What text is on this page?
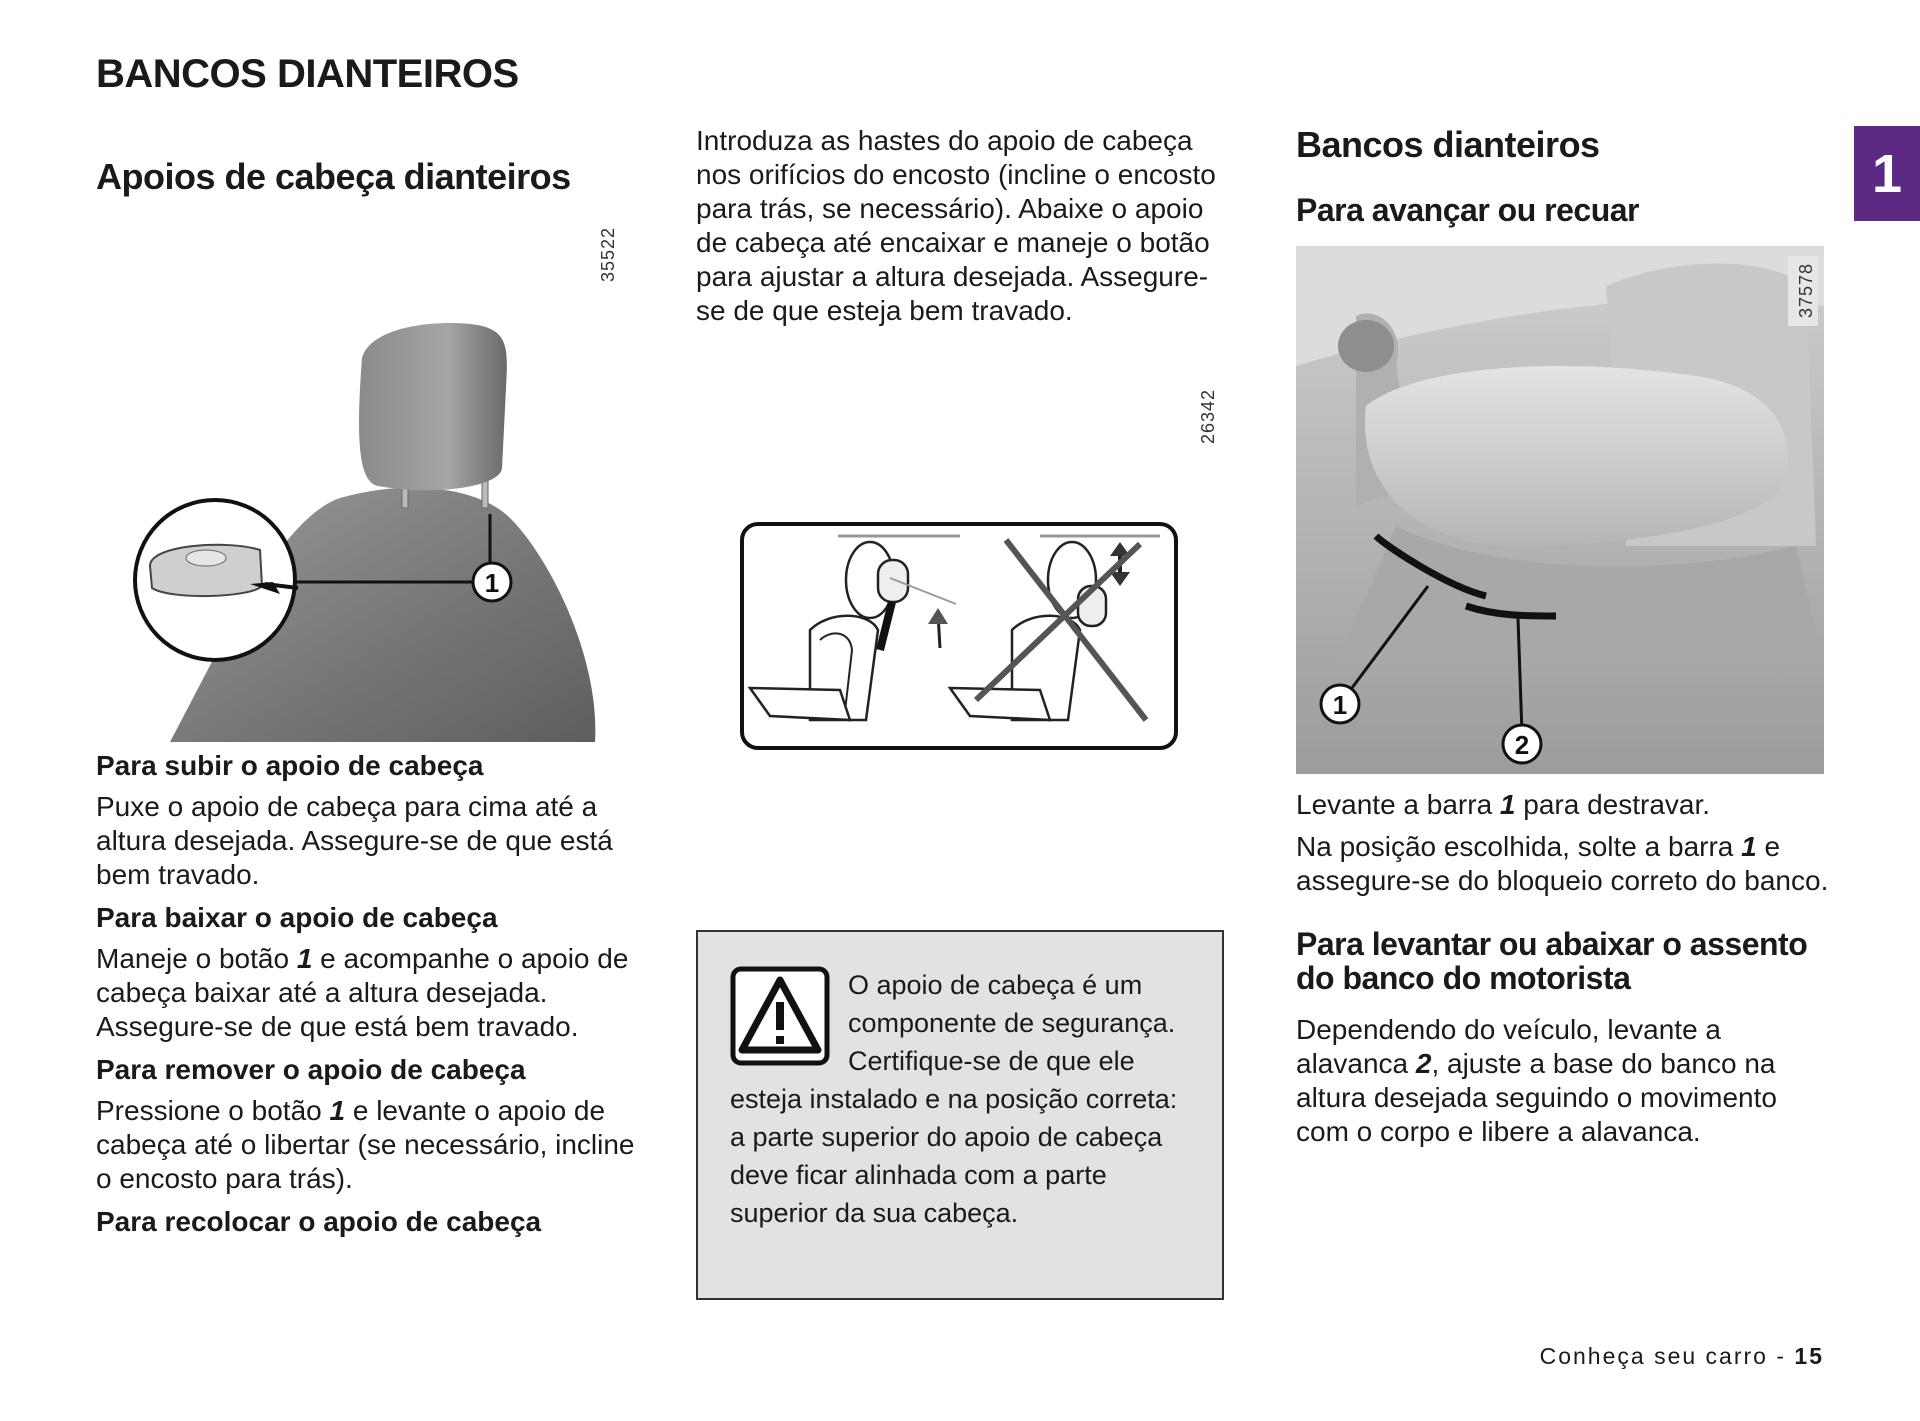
BANCOS DIANTEIROS
1
Apoios de cabeça dianteiros
35522
1
Para subir o apoio de cabeça
Puxe o apoio de cabeça para cima até a altura desejada. Assegure-se de que está bem travado.
Para baixar o apoio de cabeça
Maneje o botão 1 e acompanhe o apoio de cabeça baixar até a altura desejada. Assegure-se de que está bem travado.
Para remover o apoio de cabeça
Pressione o botão 1 e levante o apoio de cabeça até o libertar (se necessário, incline o encosto para trás).
Para recolocar o apoio de cabeça
Introduza as hastes do apoio de cabeça nos orifícios do encosto (incline o encosto para trás, se necessário). Abaixe o apoio de cabeça até encaixar e maneje o botão para ajustar a altura desejada. Assegure-se de que esteja bem travado.
26342
O apoio de cabeça é um componente de segurança. Certifique-se de que ele esteja instalado e na posição correta: a parte superior do apoio de cabeça deve ficar alinhada com a parte superior da sua cabeça.
Bancos dianteiros
Para avançar ou recuar
1
2
37578
Levante a barra 1 para destravar.
Na posição escolhida, solte a barra 1 e assegure-se do bloqueio correto do banco.
Para levantar ou abaixar o assento do banco do motorista
Dependendo do veículo, levante a alavanca 2, ajuste a base do banco na altura desejada seguindo o movimento com o corpo e libere a alavanca.
Conheça seu carro - 15
